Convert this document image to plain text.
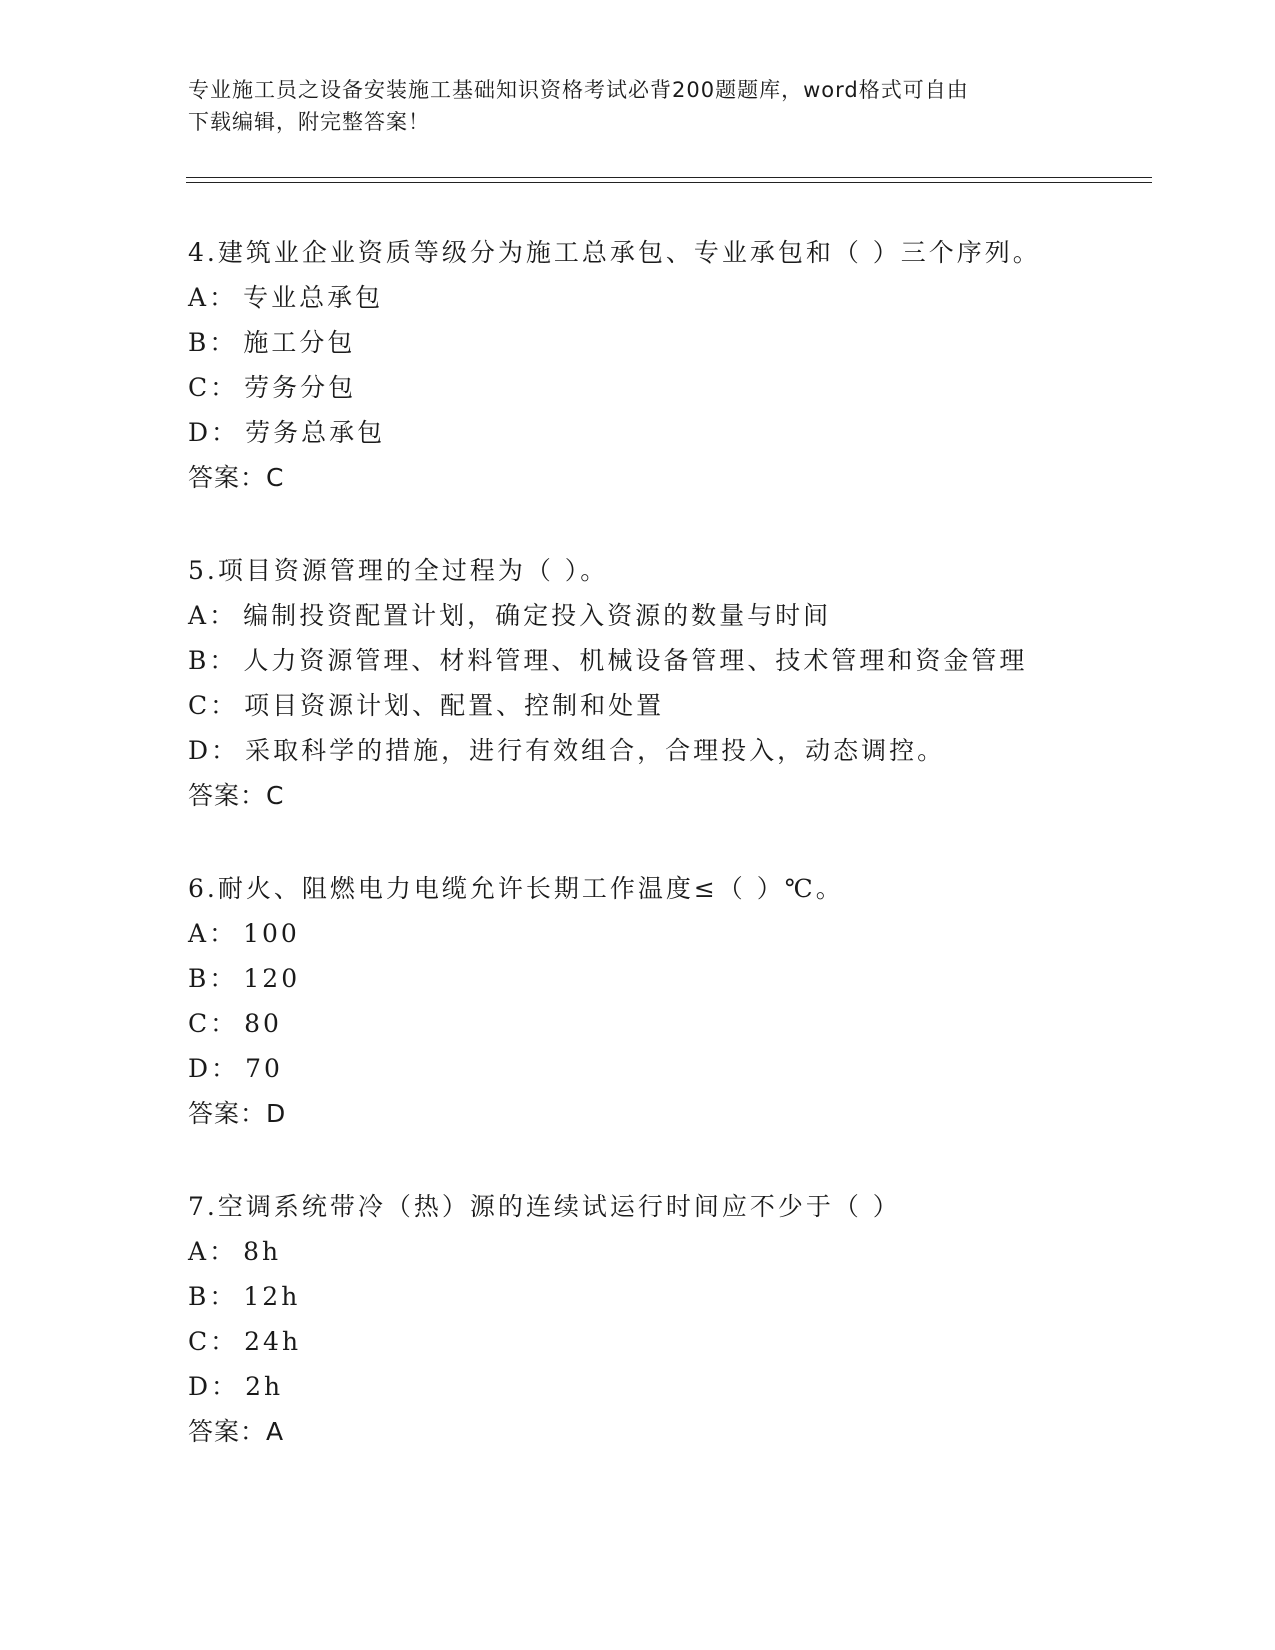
专业施工员之设备安装施工基础知识资格考试必背200题题库，word格式可自由
下载编辑，附完整答案！
4.建筑业企业资质等级分为施工总承包、专业承包和（ ）三个序列。
A ： 专业总承包
B ： 施工分包
C ： 劳务分包
D ： 劳务总承包
答案 ： C
5.项目资源管理的全过程为（ ）。
A ： 编制投资配置计划，确定投入资源的数量与时间
B ： 人力资源管理、材料管理、机械设备管理、技术管理和资金管理
C ： 项目资源计划、配置、控制和处置
D ： 采取科学的措施，进行有效组合，合理投入，动态调控。
答案 ： C
6.耐火、阻燃电力电缆允许长期工作温度≤（ ）℃。
A ： 100
B ： 120
C ： 80
D ： 70
答案 ： D
7.空调系统带冷（热）源的连续试运行时间应不少于（ ）
A ： 8h
B ： 12h
C ： 24h
D ： 2h
答案 ： A
